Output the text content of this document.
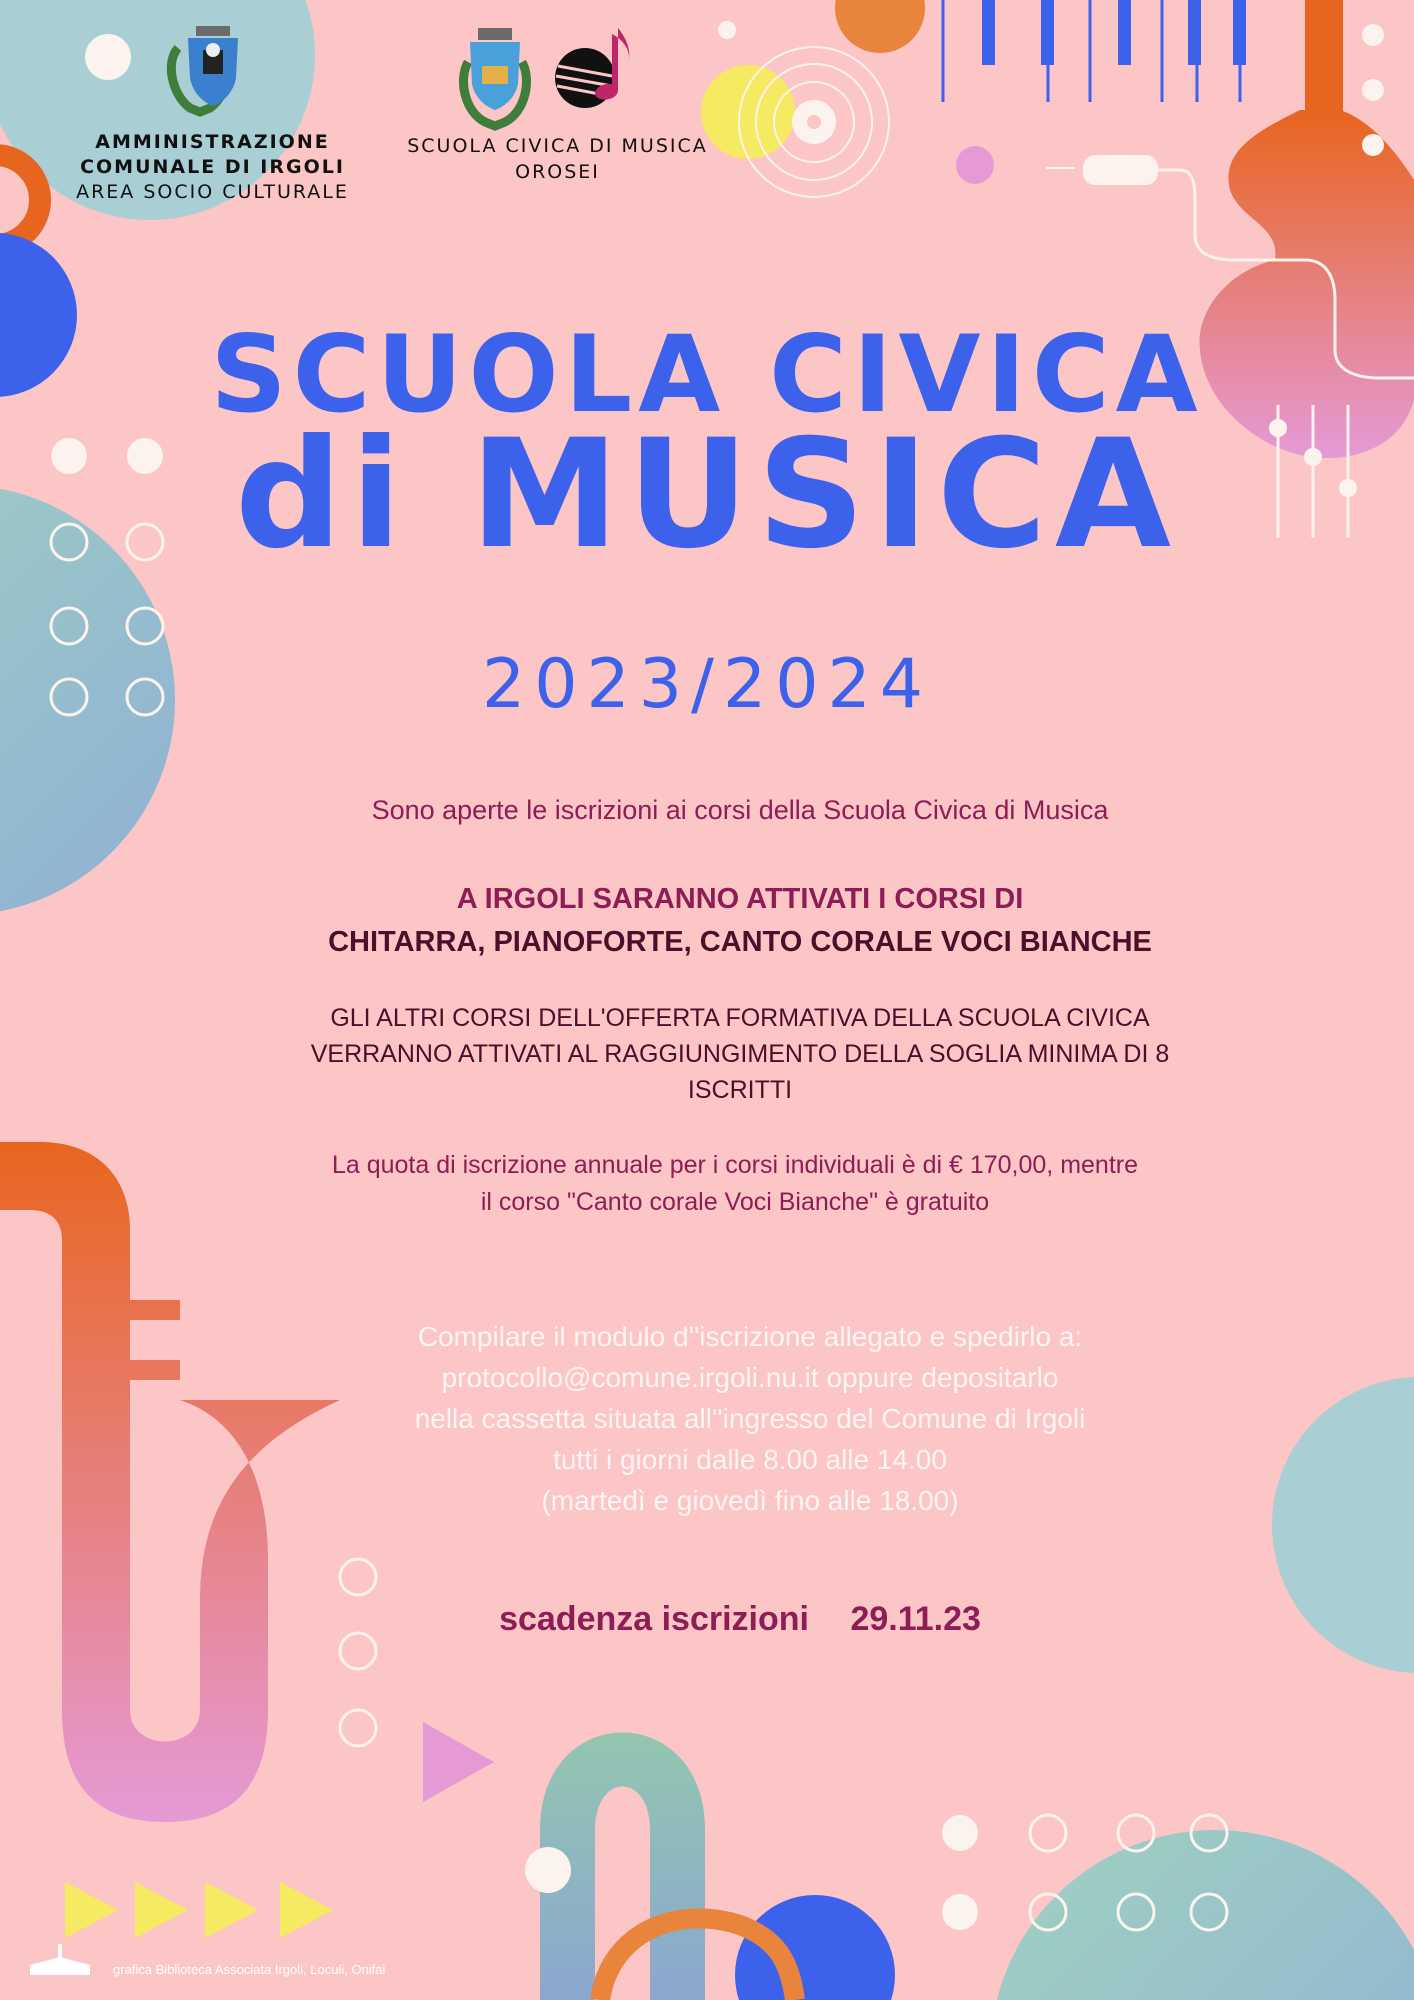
AMMINISTRAZIONE
COMUNALE DI IRGOLI
AREA SOCIO CULTURALE
SCUOLA CIVICA DI MUSICA
OROSEI
SCUOLA CIVICA
di MUSICA
2023/2024
Sono aperte le iscrizioni ai corsi della Scuola Civica di Musica
A IRGOLI SARANNO ATTIVATI I CORSI DI
CHITARRA, PIANOFORTE, CANTO CORALE VOCI BIANCHE
GLI ALTRI CORSI DELL'OFFERTA FORMATIVA DELLA SCUOLA CIVICA
VERRANNO ATTIVATI AL RAGGIUNGIMENTO DELLA SOGLIA MINIMA DI 8
ISCRITTI
La quota di iscrizione annuale per i corsi individuali è di € 170,00, mentre
il corso "Canto corale Voci Bianche" è gratuito
Compilare il modulo d''iscrizione allegato e spedirlo a:
protocollo@comune.irgoli.nu.it oppure depositarlo
nella cassetta situata all''ingresso del Comune di Irgoli
tutti i giorni dalle 8.00 alle 14.00
(martedì e giovedì fino alle 18.00)
scadenza iscrizioni 29.11.23
grafica Biblioteca Associata Irgoli, Loculi, Onifai
